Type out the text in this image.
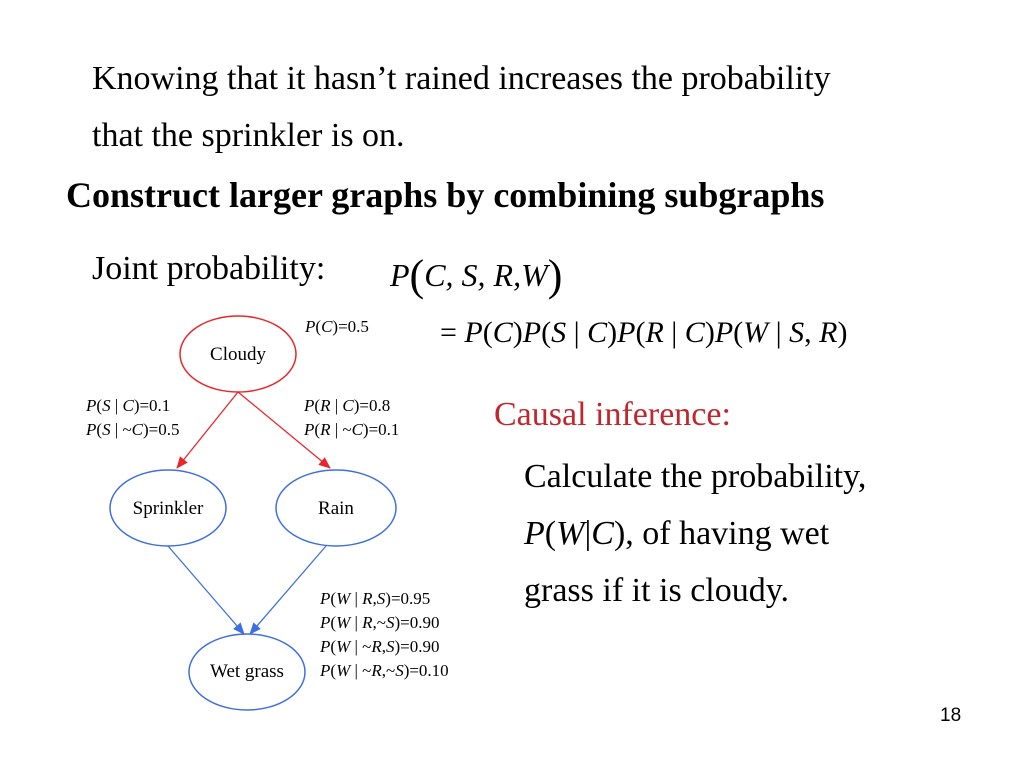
Knowing that it hasn’t rained increases the probability
that the sprinkler is on.
Construct larger graphs by combining subgraphs
Joint probability: P(C, S, R,W)
= P(C)P(S | C)P(R | C)P(W | S, R)
Cloudy
Sprinkler	Rain
Wet grass
P(C)=0.5
P(S | C)=0.1 P(S | ~C)=0.5
P(R | C)=0.8 P(R | ~C)=0.1
P(W | R,S)=0.95 P(W | R,~S)=0.90 P(W | ~R,S)=0.90 P(W | ~R,~S)=0.10
Causal inference:
Calculate the probability,
P(W|C), of having wet
grass if it is cloudy.
18
